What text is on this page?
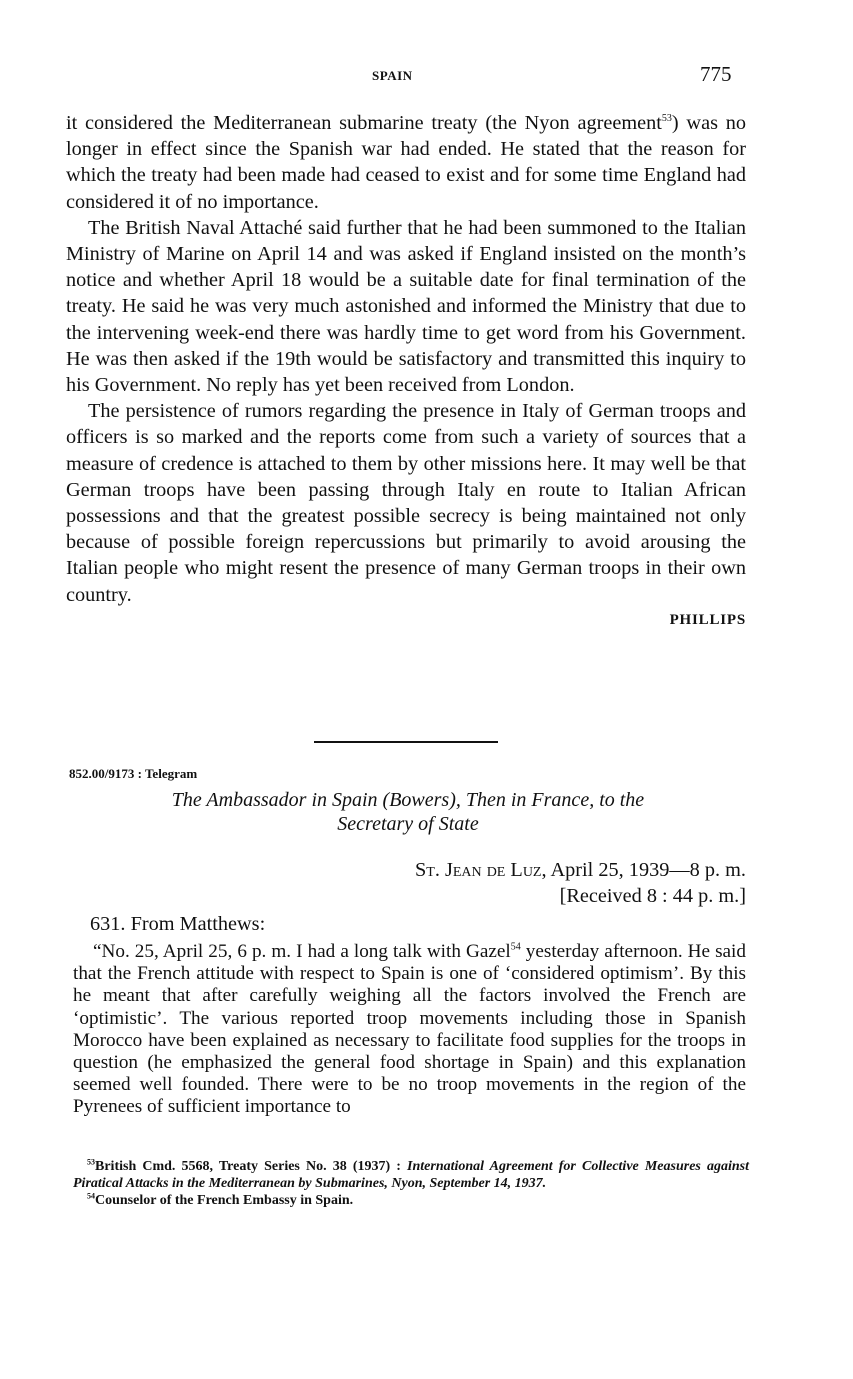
SPAIN	775

it considered the Mediterranean submarine treaty (the Nyon agreement$^{53}$) was no longer in effect since the Spanish war had ended. He stated that the reason for which the treaty had been made had ceased to exist and for some time England had considered it of no importance.

The British Naval Attaché said further that he had been summoned to the Italian Ministry of Marine on April 14 and was asked if England insisted on the month’s notice and whether April 18 would be a suitable date for final termination of the treaty. He said he was very much astonished and informed the Ministry that due to the intervening week-end there was hardly time to get word from his Government. He was then asked if the 19th would be satisfactory and transmitted this inquiry to his Government. No reply has yet been received from London.

The persistence of rumors regarding the presence in Italy of German troops and officers is so marked and the reports come from such a variety of sources that a measure of credence is attached to them by other missions here. It may well be that German troops have been passing through Italy en route to Italian African possessions and that the greatest possible secrecy is being maintained not only because of possible foreign repercussions but primarily to avoid arousing the Italian people who might resent the presence of many German troops in their own country.

PHILLIPS
852.00/9173 : Telegram
The Ambassador in Spain (Bowers), Then in France, to the
Secretary of State
St. Jean de Luz, April 25, 1939—8 p. m.
[Received 8 : 44 p. m.]
631. From Matthews:

“No. 25, April 25, 6 p. m. I had a long talk with Gazel$^{54}$ yesterday afternoon. He said that the French attitude with respect to Spain is one of ‘considered optimism’. By this he meant that after carefully weighing all the factors involved the French are ‘optimistic’. The various reported troop movements including those in Spanish Morocco have been explained as necessary to facilitate food supplies for the troops in question (he emphasized the general food shortage in Spain) and this explanation seemed well founded. There were to be no troop movements in the region of the Pyrenees of sufficient importance to

$^{53}$British Cmd. 5568, Treaty Series No. 38 (1937) : International Agreement for Collective Measures against Piratical Attacks in the Mediterranean by Submarines, Nyon, September 14, 1937.

$^{54}$Counselor of the French Embassy in Spain.
